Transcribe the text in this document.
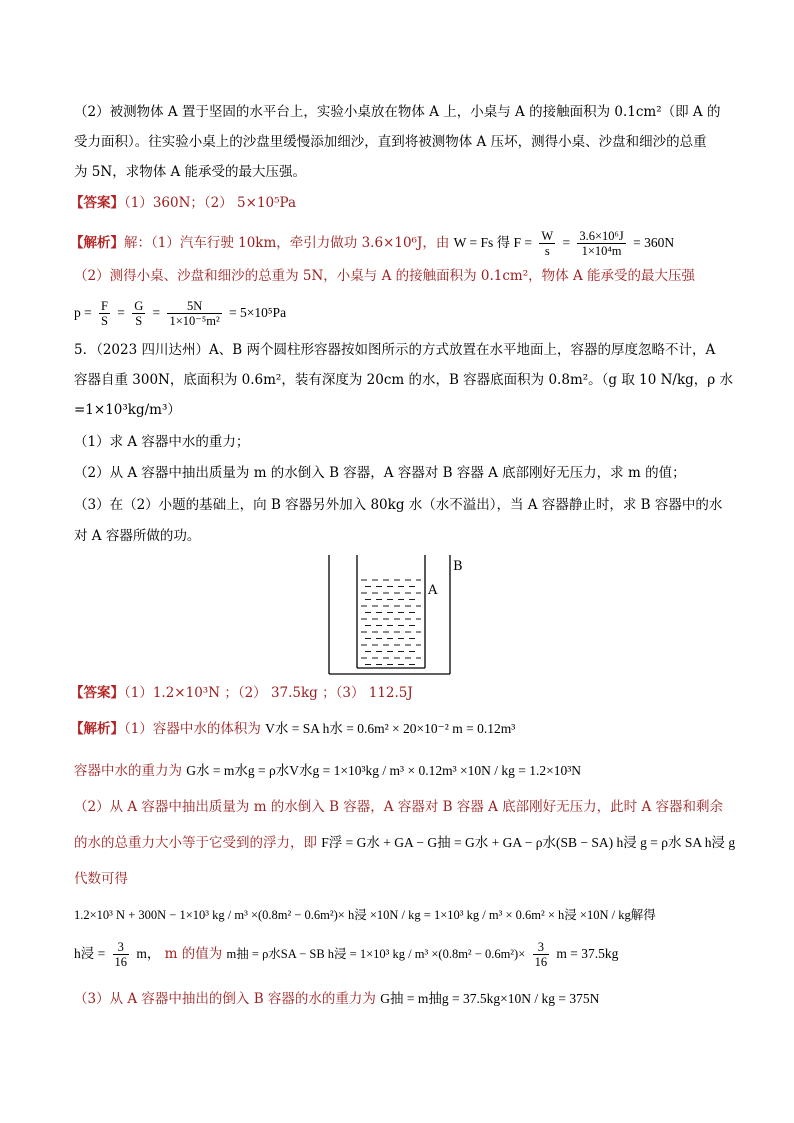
（2）被测物体 A 置于坚固的水平台上，实验小桌放在物体 A 上，小桌与 A 的接触面积为 0.1cm²（即 A 的
受力面积）。往实验小桌上的沙盘里缓慢添加细沙，直到将被测物体 A 压坏，测得小桌、沙盘和细沙的总重
为 5N，求物体 A 能承受的最大压强。
【答案】（1）360N；（2） 5×10⁵Pa
【解析】解：（1）汽车行驶 10km，牵引力做功 3.6×10⁶J，由 W = Fs 得 $F = \frac{W}{s} = \frac{\text{3.6×10⁶J}}{\text{1×10⁴m}} = 360N$
（2）测得小桌、沙盘和细沙的总重为 5N，小桌与 A 的接触面积为 0.1cm²，物体 A 能承受的最大压强
$p = \frac{F}{S} = \frac{G}{S} = \frac{5N}{\text{1×10⁻⁵m²}} = 5\times 10^5Pa$
5．（2023 四川达州）A、B 两个圆柱形容器按如图所示的方式放置在水平地面上，容器的厚度忽略不计，A
容器自重 300N，底面积为 0.6m²，装有深度为 20cm 的水，B 容器底面积为 0.8m²。（g 取 10 N/kg，ρ 水
=1×10³kg/m³）
（1）求 A 容器中水的重力；
（2）从 A 容器中抽出质量为 m 的水倒入 B 容器，A 容器对 B 容器 A 底部刚好无压力，求 m 的值；
（3）在（2）小题的基础上，向 B 容器另外加入 80kg 水（水不溢出），当 A 容器静止时，求 B 容器中的水
对 A 容器所做的功。
A
B
【答案】（1）1.2×10³N ；（2） 37.5kg ；（3） 112.5J
【解析】（1）容器中水的体积为 V水 = SA h水 = 0.6m² × 20×10⁻² m = 0.12m³
容器中水的重力为 G水 = m水g = ρ水V水g = 1×10³kg / m³ × 0.12m³ ×10N / kg = 1.2×10³N
（2）从 A 容器中抽出质量为 m 的水倒入 B 容器，A 容器对 B 容器 A 底部刚好无压力，此时 A 容器和剩余
的水的总重力大小等于它受到的浮力，即 F浮 = G水 + GA − G抽 = G水 + GA − ρ水(SB − SA) h浸 g = ρ水 SA h浸 g
代数可得
1.2×10³ N + 300N − 1×10³ kg / m³ ×(0.8m² − 0.6m²)× h浸 ×10N / kg = 1×10³ kg / m³ × 0.6m² × h浸 ×10N / kg解得
h浸 = $\frac{3}{16}$ m， m 的值为 m抽 = ρ水SA − SB h浸 = 1×10³ kg / $m^3 \times(0.8m^2 - 0.6m^2)\times \frac{3}{16}$ m = 37.5kg
（3）从 A 容器中抽出的倒入 B 容器的水的重力为 G抽 = m抽g = 37.5kg×10N / kg = 375N
